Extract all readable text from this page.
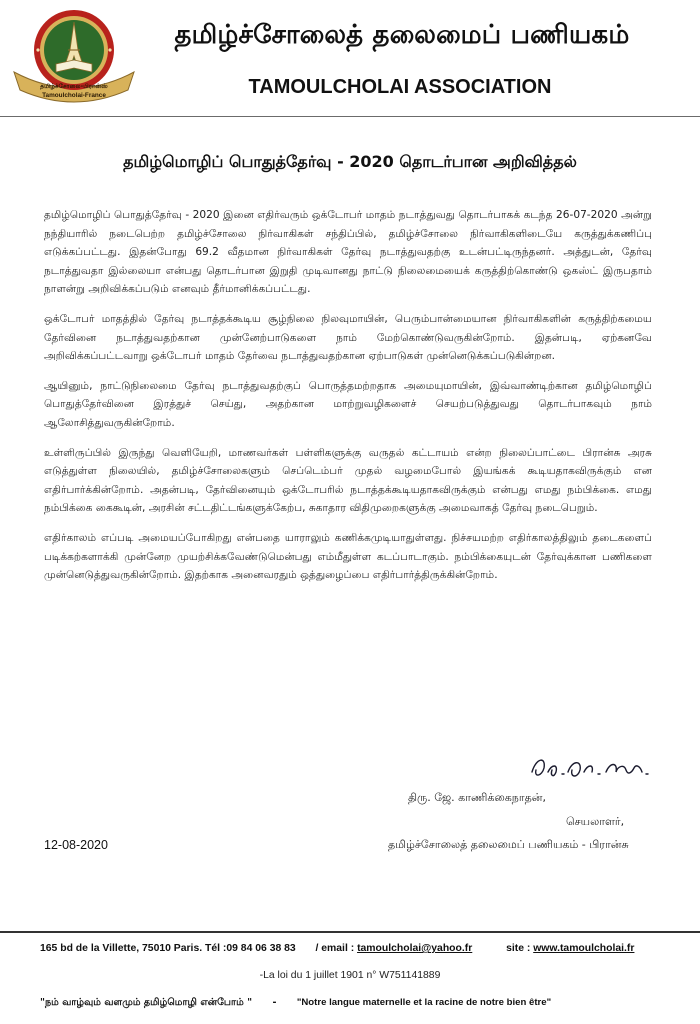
தமிழ்ச்சோலை-பிரான்ஸ்
Tamoulcholai-France
தமிழ்ச்சோலைத் தலைமைப் பணியகம்
TAMOULCHOLAI ASSOCIATION
தமிழ்மொழிப் பொதுத்தேர்வு - 2020 தொடர்பான அறிவித்தல்

தமிழ்மொழிப் பொதுத்தேர்வு - 2020 இனை எதிர்வரும் ஒக்டோபர் மாதம் நடாத்துவது தொடர்பாகக் கடந்த 26-07-2020 அன்று நந்தியாரில் நடைபெற்ற தமிழ்ச்சோலை நிர்வாகிகள் சந்திப்பில், தமிழ்ச்சோலை நிர்வாகிகளிடையே கருத்துக்கணிப்பு எடுக்கப்பட்டது. இதன்போது 69.2 வீதமான நிர்வாகிகள் தேர்வு நடாத்துவதற்கு உடன்பட்டிருந்தனர். அத்துடன், தேர்வு நடாத்துவதா இல்லையா என்பது தொடர்பான இறுதி முடிவானது நாட்டு நிலைமையைக் கருத்திற்கொண்டு ஒகஸ்ட் இருபதாம் நாளன்று அறிவிக்கப்படும் எனவும் தீர்மானிக்கப்பட்டது.

ஒக்டோபர் மாதத்தில் தேர்வு நடாத்தக்கூடிய சூழ்நிலை நிலவுமாயின், பெரும்பான்மையான நிர்வாகிகளின் கருத்திற்கமைய தேர்வினை நடாத்துவதற்கான முன்னேற்பாடுகளை நாம் மேற்கொண்டுவருகின்றோம். இதன்படி, ஏற்கனவே அறிவிக்கப்பட்டவாறு ஒக்டோபர் மாதம் தேர்வை நடாத்துவதற்கான ஏற்பாடுகள் முன்னெடுக்கப்படுகின்றன.

ஆயினும், நாட்டுநிலைமை தேர்வு நடாத்துவதற்குப் பொருத்தமற்றதாக அமையுமாயின், இவ்வாண்டிற்கான தமிழ்மொழிப் பொதுத்தேர்வினை இரத்துச் செய்து, அதற்கான மாற்றுவழிகளைச் செயற்படுத்துவது தொடர்பாகவும் நாம் ஆலோசித்துவருகின்றோம்.

உள்ளிருப்பில் இருந்து வெளியேறி, மாணவர்கள் பள்ளிகளுக்கு வருதல் கட்டாயம் என்ற நிலைப்பாட்டை பிரான்சு அரசு எடுத்துள்ள நிலையில், தமிழ்ச்சோலைகளும் செப்டெம்பர் முதல் வழமைபோல் இயங்கக் கூடியதாகவிருக்கும் என எதிர்பார்க்கின்றோம். அதன்படி, தேர்வினையும் ஒக்டோபரில் நடாத்தக்கூடியதாகவிருக்கும் என்பது எமது நம்பிக்கை. எமது நம்பிக்கை கைகூடின், அரசின் சட்டதிட்டங்களுக்கேற்ப, சுகாதார விதிமுறைகளுக்கு அமைவாகத் தேர்வு நடைபெறும்.

எதிர்காலம் எப்படி அமையப்போகிறது என்பதை யாராலும் கணிக்கமுடியாதுள்ளது. நிச்சயமற்ற எதிர்காலத்திலும் தடைகளைப் படிக்கற்களாக்கி முன்னேற முயற்சிக்கவேண்டுமென்பது எம்மீதுள்ள கடப்பாடாகும். நம்பிக்கையுடன் தேர்வுக்கான பணிகளை முன்னெடுத்துவருகின்றோம். இதற்காக அனைவரதும் ஒத்துழைப்பை எதிர்பார்த்திருக்கின்றோம்.

திரு. ஜே. காணிக்கைநாதன்,
செயலாளர்,
12-08-2020	தமிழ்ச்சோலைத் தலைமைப் பணியகம் - பிரான்சு
165 bd de la Villette, 75010 Paris. Tél :09 84 06 38 83 / email : tamoulcholai@yahoo.fr	site : www.tamoulcholai.fr
-La loi du 1 juillet 1901 n° W751141889
"நம் வாழ்வும் வளமும் தமிழ்மொழி என்போம் " - "Notre langue maternelle et la racine de notre bien être"
